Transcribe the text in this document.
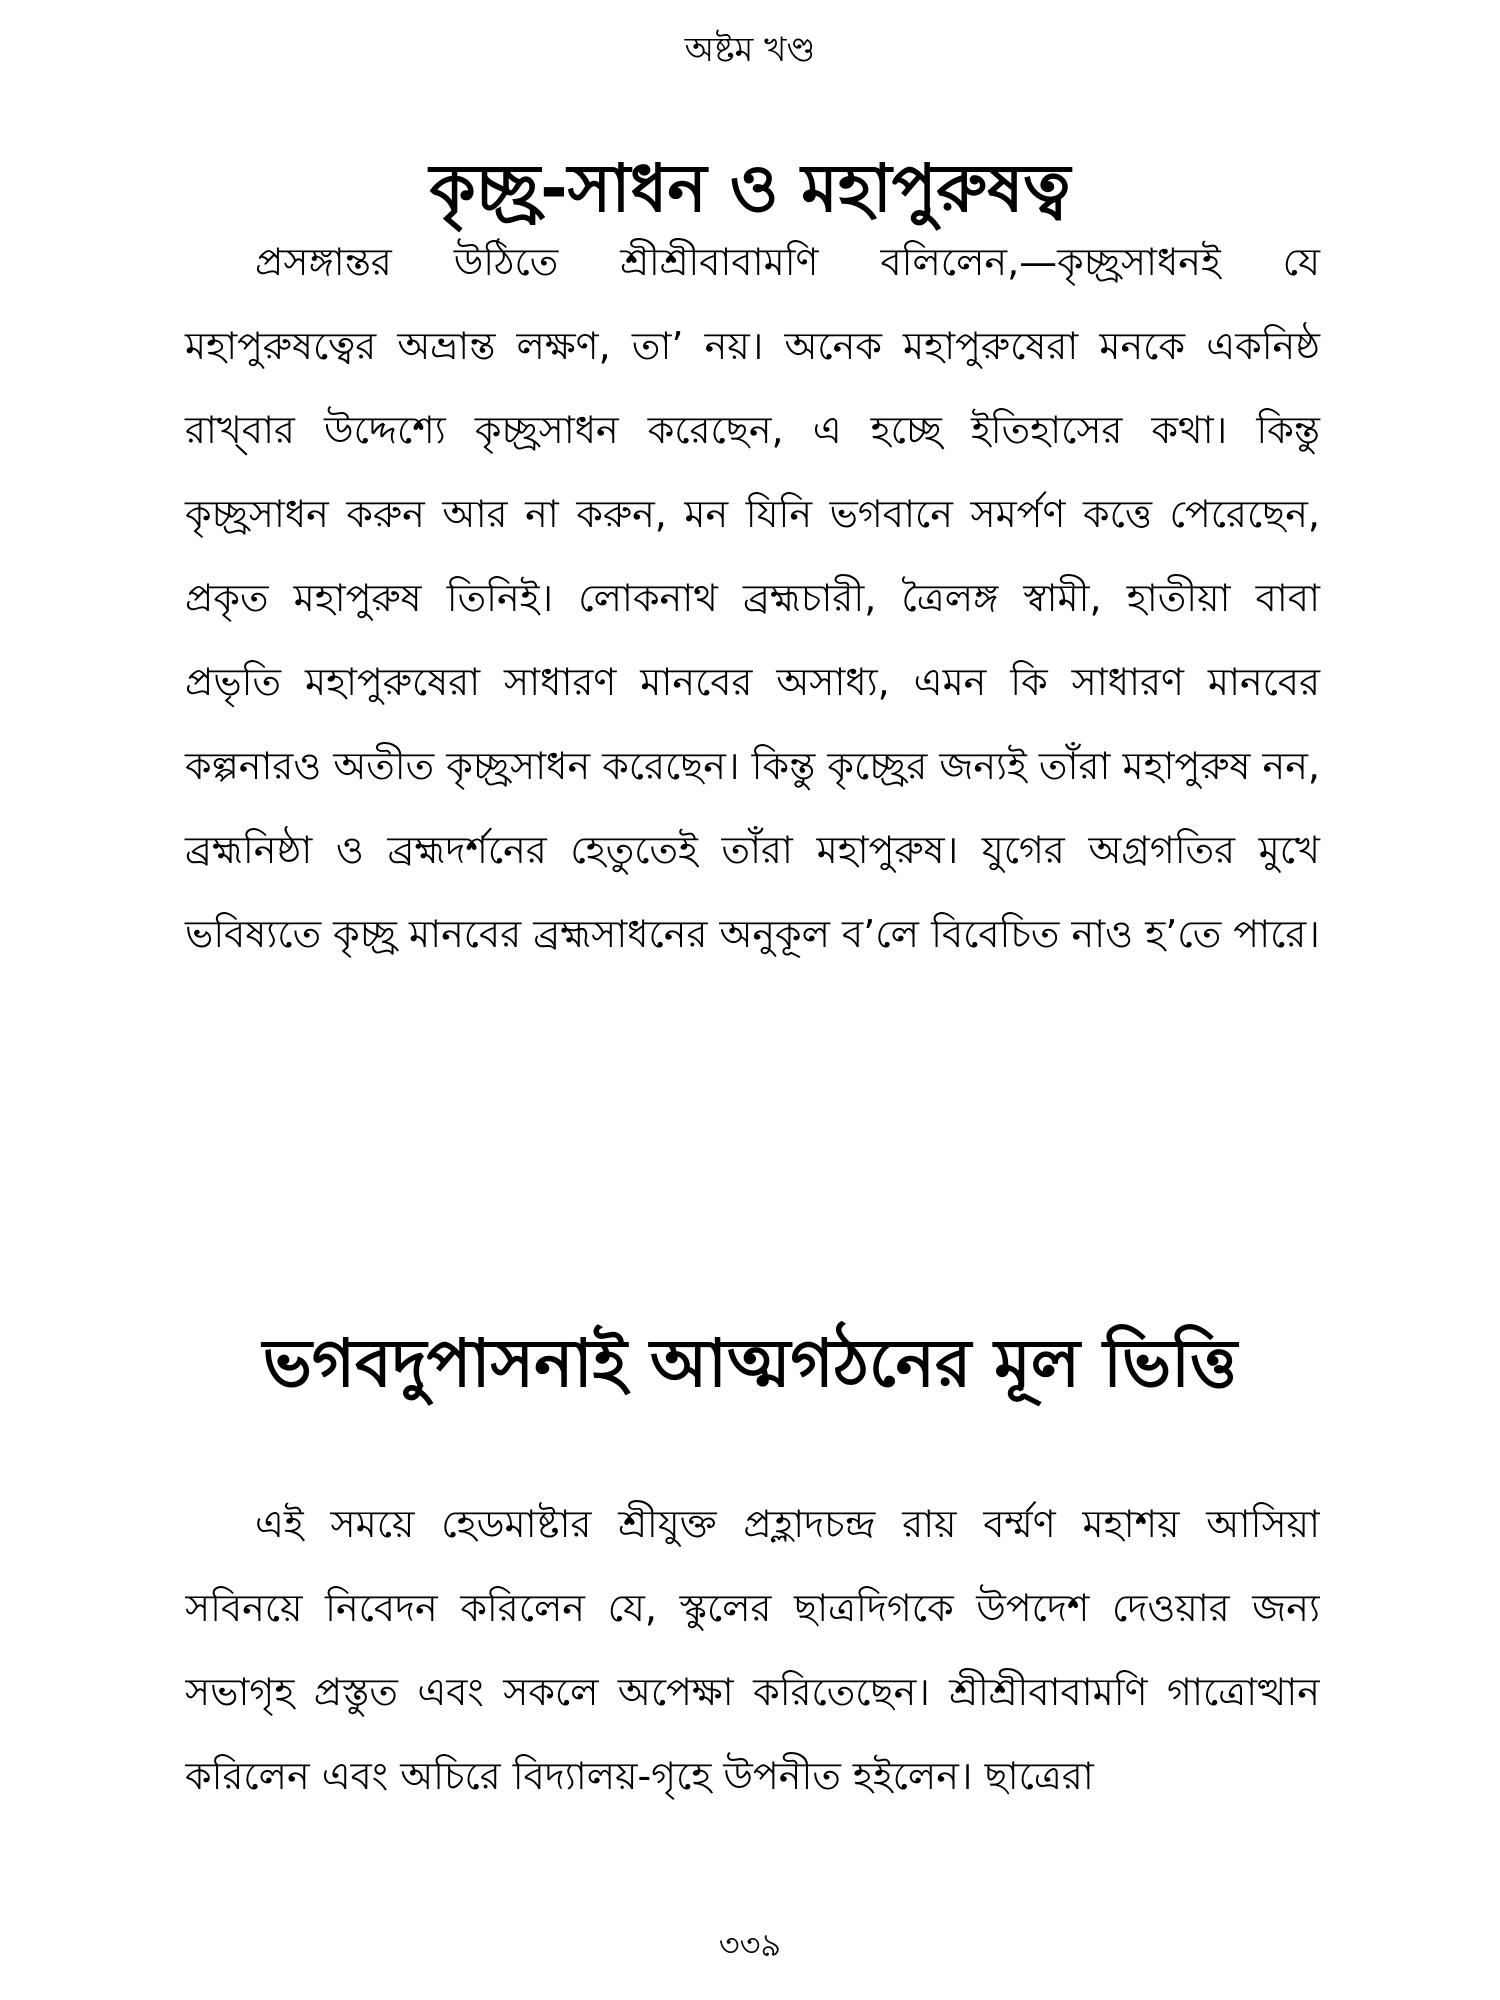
অষ্টম খণ্ড
কৃচ্ছ্র-সাধন ও মহাপুরুষত্ব

প্রসঙ্গান্তর উঠিতে শ্রীশ্রীবাবামণি বলিলেন,—কৃচ্ছ্রসাধনই যে মহাপুরুষত্বের অভ্রান্ত লক্ষণ, তা’ নয়। অনেক মহাপুরুষেরা মনকে একনিষ্ঠ রাখ্‌বার উদ্দেশ্যে কৃচ্ছ্রসাধন করেছেন, এ হচ্ছে ইতিহাসের কথা। কিন্তু কৃচ্ছ্রসাধন করুন আর না করুন, মন যিনি ভগবানে সমর্পণ কত্তে পেরেছেন, প্রকৃত মহাপুরুষ তিনিই। লোকনাথ ব্রহ্মচারী, ত্রৈলঙ্গ স্বামী, হাতীয়া বাবা প্রভৃতি মহাপুরুষেরা সাধারণ মানবের অসাধ্য, এমন কি সাধারণ মানবের কল্পনারও অতীত কৃচ্ছ্রসাধন করেছেন। কিন্তু কৃচ্ছ্রের জন্যই তাঁরা মহাপুরুষ নন, ব্রহ্মনিষ্ঠা ও ব্রহ্মদর্শনের হেতুতেই তাঁরা মহাপুরুষ। যুগের অগ্রগতির মুখে ভবিষ্যতে কৃচ্ছ্র মানবের ব্রহ্মসাধনের অনুকূল ব’লে বিবেচিত নাও হ’তে পারে।

ভগবদুপাসনাই আত্মগঠনের মূল ভিত্তি

এই সময়ে হেডমাষ্টার শ্রীযুক্ত প্রহ্লাদচন্দ্র রায় বর্ম্মণ মহাশয় আসিয়া সবিনয়ে নিবেদন করিলেন যে, স্কুলের ছাত্রদিগকে উপদেশ দেওয়ার জন্য সভাগৃহ প্রস্তুত এবং সকলে অপেক্ষা করিতেছেন। শ্রীশ্রীবাবামণি গাত্রোত্থান করিলেন এবং অচিরে বিদ্যালয়-গৃহে উপনীত হইলেন। ছাত্রেরা

৩৩৯
